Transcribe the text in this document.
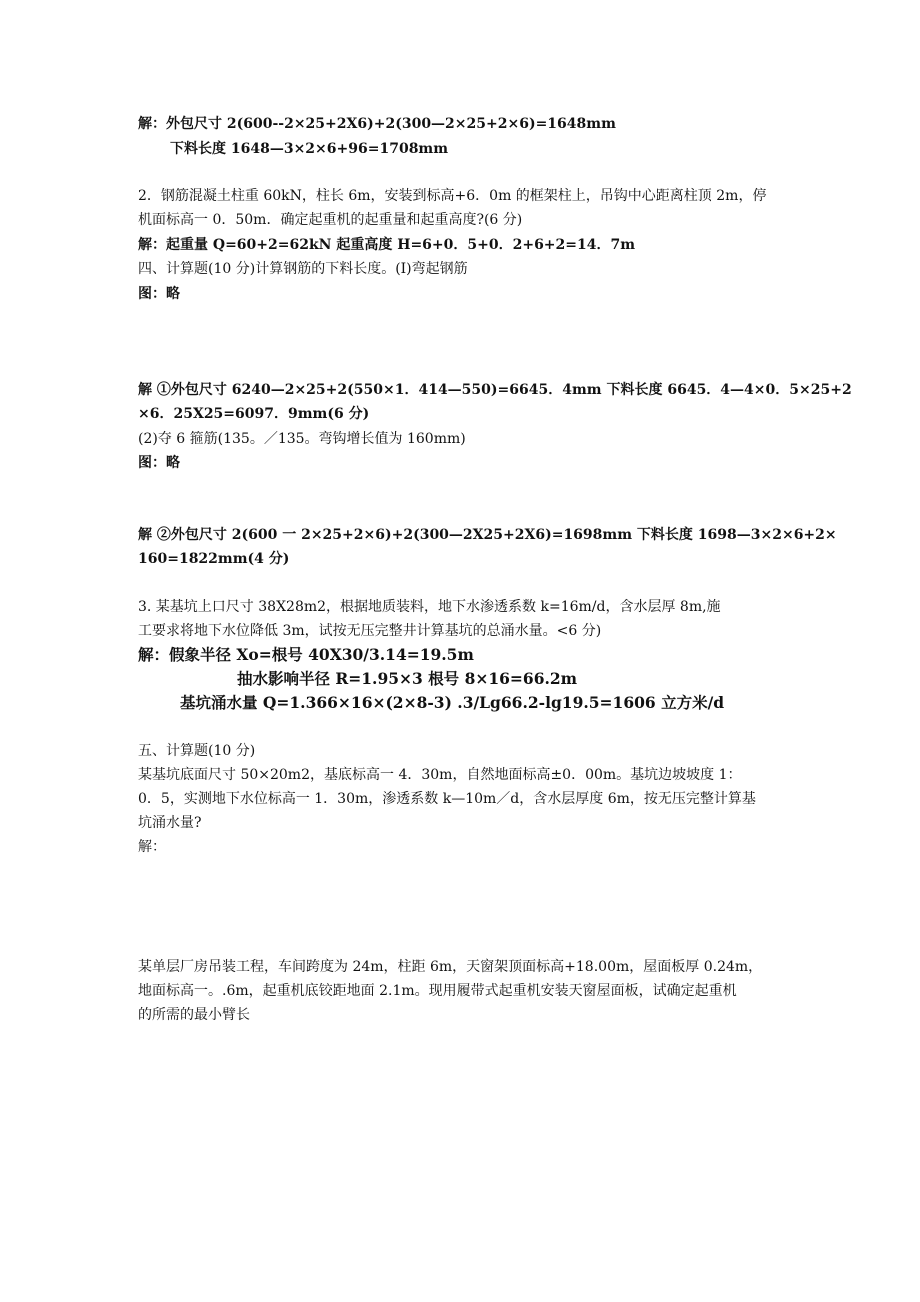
解：外包尺寸 2(600--2×25+2X6)+2(300—2×25+2×6)=1648mm

下料长度 1648—3×2×6+96=1708mm

2．钢筋混凝土柱重 60kN，柱长 6m，安装到标高+6．0m 的框架柱上，吊钩中心距离柱顶 2m，停

机面标高一 0．50m．确定起重机的起重量和起重高度?(6 分)

解：起重量 Q=60+2=62kN 起重高度 H=6+0．5+0．2+6+2=14．7m

四、计算题(10 分)计算钢筋的下料长度。(I)弯起钢筋

图：略

解 ①外包尺寸 6240—2×25+2(550×1．414—550)=6645．4mm 下料长度 6645．4—4×0．5×25+2

×6．25X25=6097．9mm(6 分)

(2)夺 6 箍筋(135。／135。弯钩增长值为 160mm)

图：略

解 ②外包尺寸 2(600 一 2×25+2×6)+2(300—2X25+2X6)=1698mm 下料长度 1698—3×2×6+2×

160=1822mm(4 分)

3. 某基坑上口尺寸 38X28m2，根据地质装料，地下水渗透系数 k=16m/d，含水层厚 8m,施

工要求将地下水位降低 3m，试按无压完整井计算基坑的总涌水量。<6 分)

解：假象半径 Xo=根号 40X30/3.14=19.5m

抽水影响半径 R=1.95×3 根号 8×16=66.2m

基坑涌水量 Q=1.366×16×(2×8-3) .3/Lg66.2-lg19.5=1606 立方米/d

五、计算题(10 分)

某基坑底面尺寸 50×20m2，基底标高一 4．30m，自然地面标高±0．00m。基坑边坡坡度 1：

0．5，实测地下水位标高一 1．30m，渗透系数 k—10m／d，含水层厚度 6m，按无压完整计算基

坑涌水量?

解：

某单层厂房吊装工程，车间跨度为 24m，柱距 6m，天窗架顶面标高+18.00m，屋面板厚 0.24m，

地面标高一。.6m，起重机底铰距地面 2.1m。现用履带式起重机安装天窗屋面板，试确定起重机

的所需的最小臂长
